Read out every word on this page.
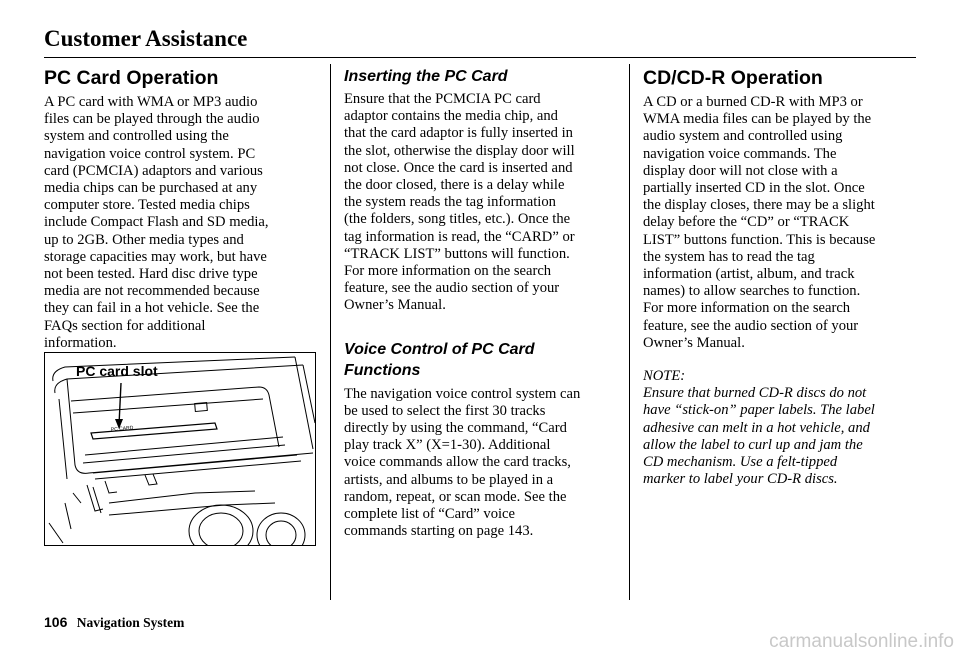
Customer Assistance
PC Card Operation

A PC card with WMA or MP3 audio
files can be played through the audio
system and controlled using the
navigation voice control system. PC
card (PCMCIA) adaptors and various
media chips can be purchased at any
computer store. Tested media chips
include Compact Flash and SD media,
up to 2GB. Other media types and
storage capacities may work, but have
not been tested. Hard disc drive type
media are not recommended because
they can fail in a hot vehicle. See the
FAQs section for additional
information.

PC CARD
PC card slot
Inserting the PC Card

Ensure that the PCMCIA PC card
adaptor contains the media chip, and
that the card adaptor is fully inserted in
the slot, otherwise the display door will
not close. Once the card is inserted and
the door closed, there is a delay while
the system reads the tag information
(the folders, song titles, etc.). Once the
tag information is read, the “CARD” or
“TRACK LIST” buttons will function.
For more information on the search
feature, see the audio section of your
Owner’s Manual.

Voice Control of PC Card
Functions

The navigation voice control system can
be used to select the first 30 tracks
directly by using the command, “Card
play track X” (X=1-30). Additional
voice commands allow the card tracks,
artists, and albums to be played in a
random, repeat, or scan mode. See the
complete list of “Card” voice
commands starting on page 143.

CD/CD-R Operation

A CD or a burned CD-R with MP3 or
WMA media files can be played by the
audio system and controlled using
navigation voice commands. The
display door will not close with a
partially inserted CD in the slot. Once
the display closes, there may be a slight
delay before the “CD” or “TRACK
LIST” buttons function. This is because
the system has to read the tag
information (artist, album, and track
names) to allow searches to function.
For more information on the search
feature, see the audio section of your
Owner’s Manual.

NOTE:

Ensure that burned CD-R discs do not
have “stick-on” paper labels. The label
adhesive can melt in a hot vehicle, and
allow the label to curl up and jam the
CD mechanism. Use a felt-tipped
marker to label your CD-R discs.

106 Navigation System
carmanualsonline.info
